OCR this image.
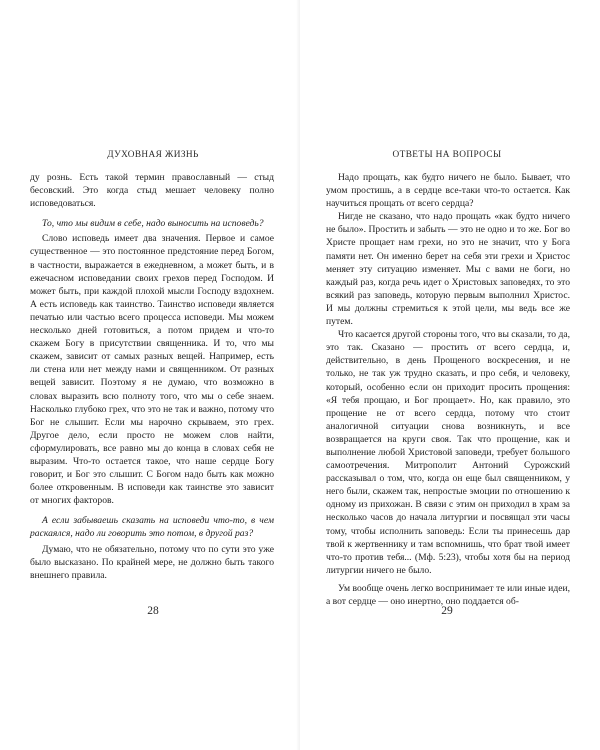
ДУХОВНАЯ ЖИЗНЬ

ду рознь. Есть такой термин православный — стыд бесовский. Это когда стыд мешает человеку полно исповедоваться.

То, что мы видим в себе, надо выносить на исповедь?

Слово исповедь имеет два значения. Первое и самое существенное — это постоянное предстояние перед Богом, в частности, выражается в ежедневном, а может быть, и в ежечасном исповедании своих грехов перед Господом. И может быть, при каждой плохой мысли Господу вздохнем. А есть исповедь как таинство. Таинство исповеди является печатью или частью всего процесса исповеди. Мы можем несколько дней готовиться, а потом придем и что-то скажем Богу в присутствии священника. И то, что мы скажем, зависит от самых разных вещей. Например, есть ли стена или нет между нами и священником. От разных вещей зависит. Поэтому я не думаю, что возможно в словах выразить всю полноту того, что мы о себе знаем. Насколько глубоко грех, что это не так и важно, потому что Бог не слышит. Если мы нарочно скрываем, это грех. Другое дело, если просто не можем слов найти, сформулировать, все равно мы до конца в словах себя не выразим. Что-то остается такое, что наше сердце Богу говорит, и Бог это слышит. С Богом надо быть как можно более откровенным. В исповеди как таинстве это зависит от многих факторов.

А если забываешь сказать на исповеди что-то, в чем раскаялся, надо ли говорить это потом, в другой раз?

Думаю, что не обязательно, потому что по сути это уже было высказано. По крайней мере, не должно быть такого внешнего правила.

28
ОТВЕТЫ НА ВОПРОСЫ

Надо прощать, как будто ничего не было. Бывает, что умом простишь, а в сердце все-таки что-то остается. Как научиться прощать от всего сердца?

Нигде не сказано, что надо прощать «как будто ничего не было». Простить и забыть — это не одно и то же. Бог во Христе прощает нам грехи, но это не значит, что у Бога памяти нет. Он именно берет на себя эти грехи и Христос меняет эту ситуацию изменяет. Мы с вами не боги, но каждый раз, когда речь идет о Христовых заповедях, то это всякий раз заповедь, которую первым выполнил Христос. И мы должны стремиться к этой цели, мы ведь все же путем.

Что касается другой стороны того, что вы сказали, то да, это так. Сказано — простить от всего сердца, и, действительно, в день Прощеного воскресения, и не только, не так уж трудно сказать, и про себя, и человеку, который, особенно если он приходит просить прощения: «Я тебя прощаю, и Бог прощает». Но, как правило, это прощение не от всего сердца, потому что стоит аналогичной ситуации снова возникнуть, и все возвращается на круги своя. Так что прощение, как и выполнение любой Христовой заповеди, требует большого самоотречения. Митрополит Антоний Сурожский рассказывал о том, что, когда он еще был священником, у него были, скажем так, непростые эмоции по отношению к одному из прихожан. В связи с этим он приходил в храм за несколько часов до начала литургии и посвящал эти часы тому, чтобы исполнить заповедь: Если ты принесешь дар твой к жертвеннику и там вспомнишь, что брат твой имеет что-то против тебя... (Мф. 5:23), чтобы хотя бы на период литургии ничего не было.

Ум вообще очень легко воспринимает те или иные идеи, а вот сердце — оно инертно, оно поддается об-

29
